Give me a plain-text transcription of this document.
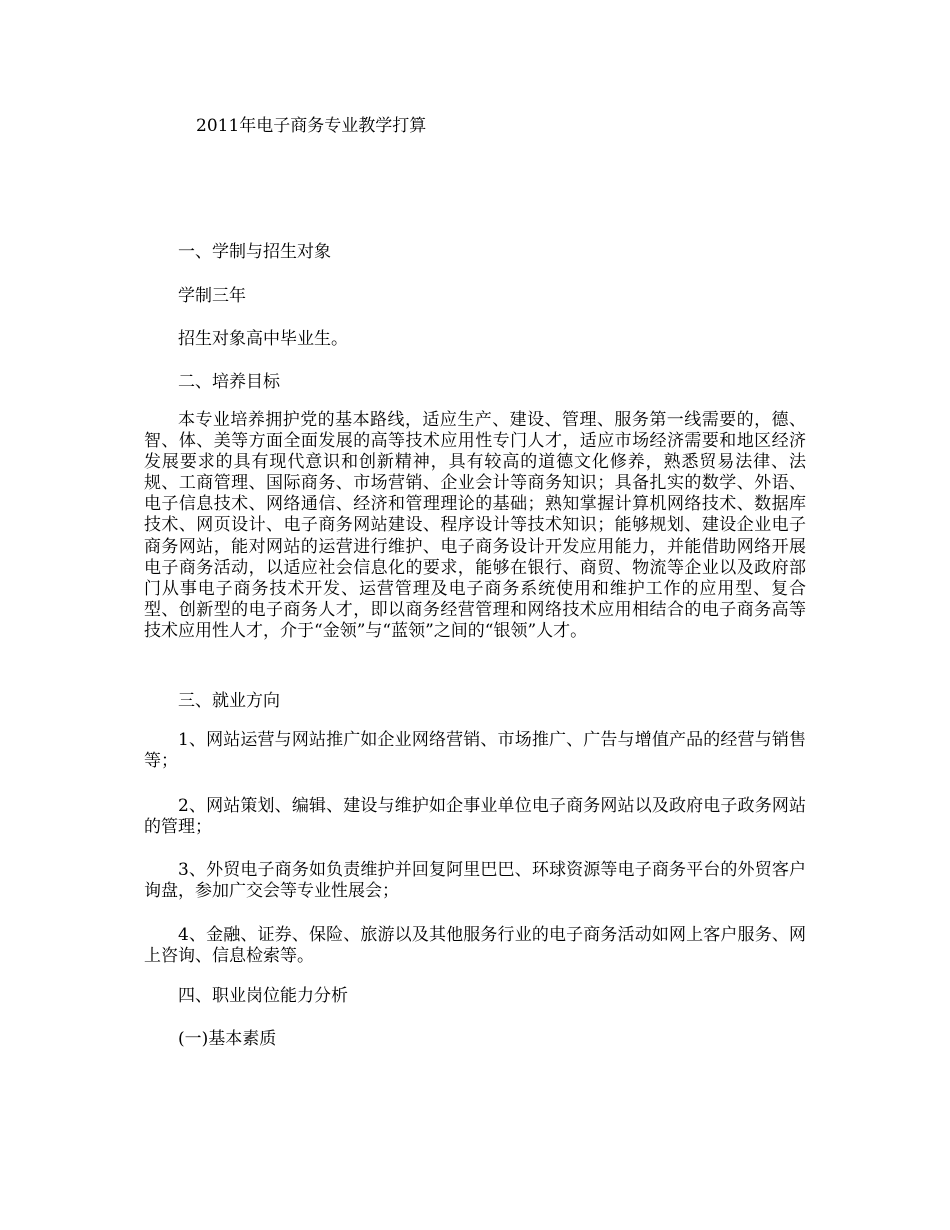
2011年电子商务专业教学打算
一、学制与招生对象
学制三年
招生对象高中毕业生。
二、培养目标

本专业培养拥护党的基本路线，适应生产、建设、管理、服务第一线需要的，德、智、体、美等方面全面发展的高等技术应用性专门人才，适应市场经济需要和地区经济发展要求的具有现代意识和创新精神，具有较高的道德文化修养，熟悉贸易法律、法规、工商管理、国际商务、市场营销、企业会计等商务知识；具备扎实的数学、外语、电子信息技术、网络通信、经济和管理理论的基础；熟知掌握计算机网络技术、数据库技术、网页设计、电子商务网站建设、程序设计等技术知识；能够规划、建设企业电子商务网站，能对网站的运营进行维护、电子商务设计开发应用能力，并能借助网络开展电子商务活动，以适应社会信息化的要求，能够在银行、商贸、物流等企业以及政府部门从事电子商务技术开发、运营管理及电子商务系统使用和维护工作的应用型、复合型、创新型的电子商务人才，即以商务经营管理和网络技术应用相结合的电子商务高等技术应用性人才，介于“金领”与“蓝领”之间的“银领”人才。

三、就业方向

1、网站运营与网站推广如企业网络营销、市场推广、广告与增值产品的经营与销售等；

2、网站策划、编辑、建设与维护如企事业单位电子商务网站以及政府电子政务网站的管理；

3、外贸电子商务如负责维护并回复阿里巴巴、环球资源等电子商务平台的外贸客户询盘，参加广交会等专业性展会；

4、金融、证券、保险、旅游以及其他服务行业的电子商务活动如网上客户服务、网上咨询、信息检索等。

四、职业岗位能力分析
(一)基本素质
